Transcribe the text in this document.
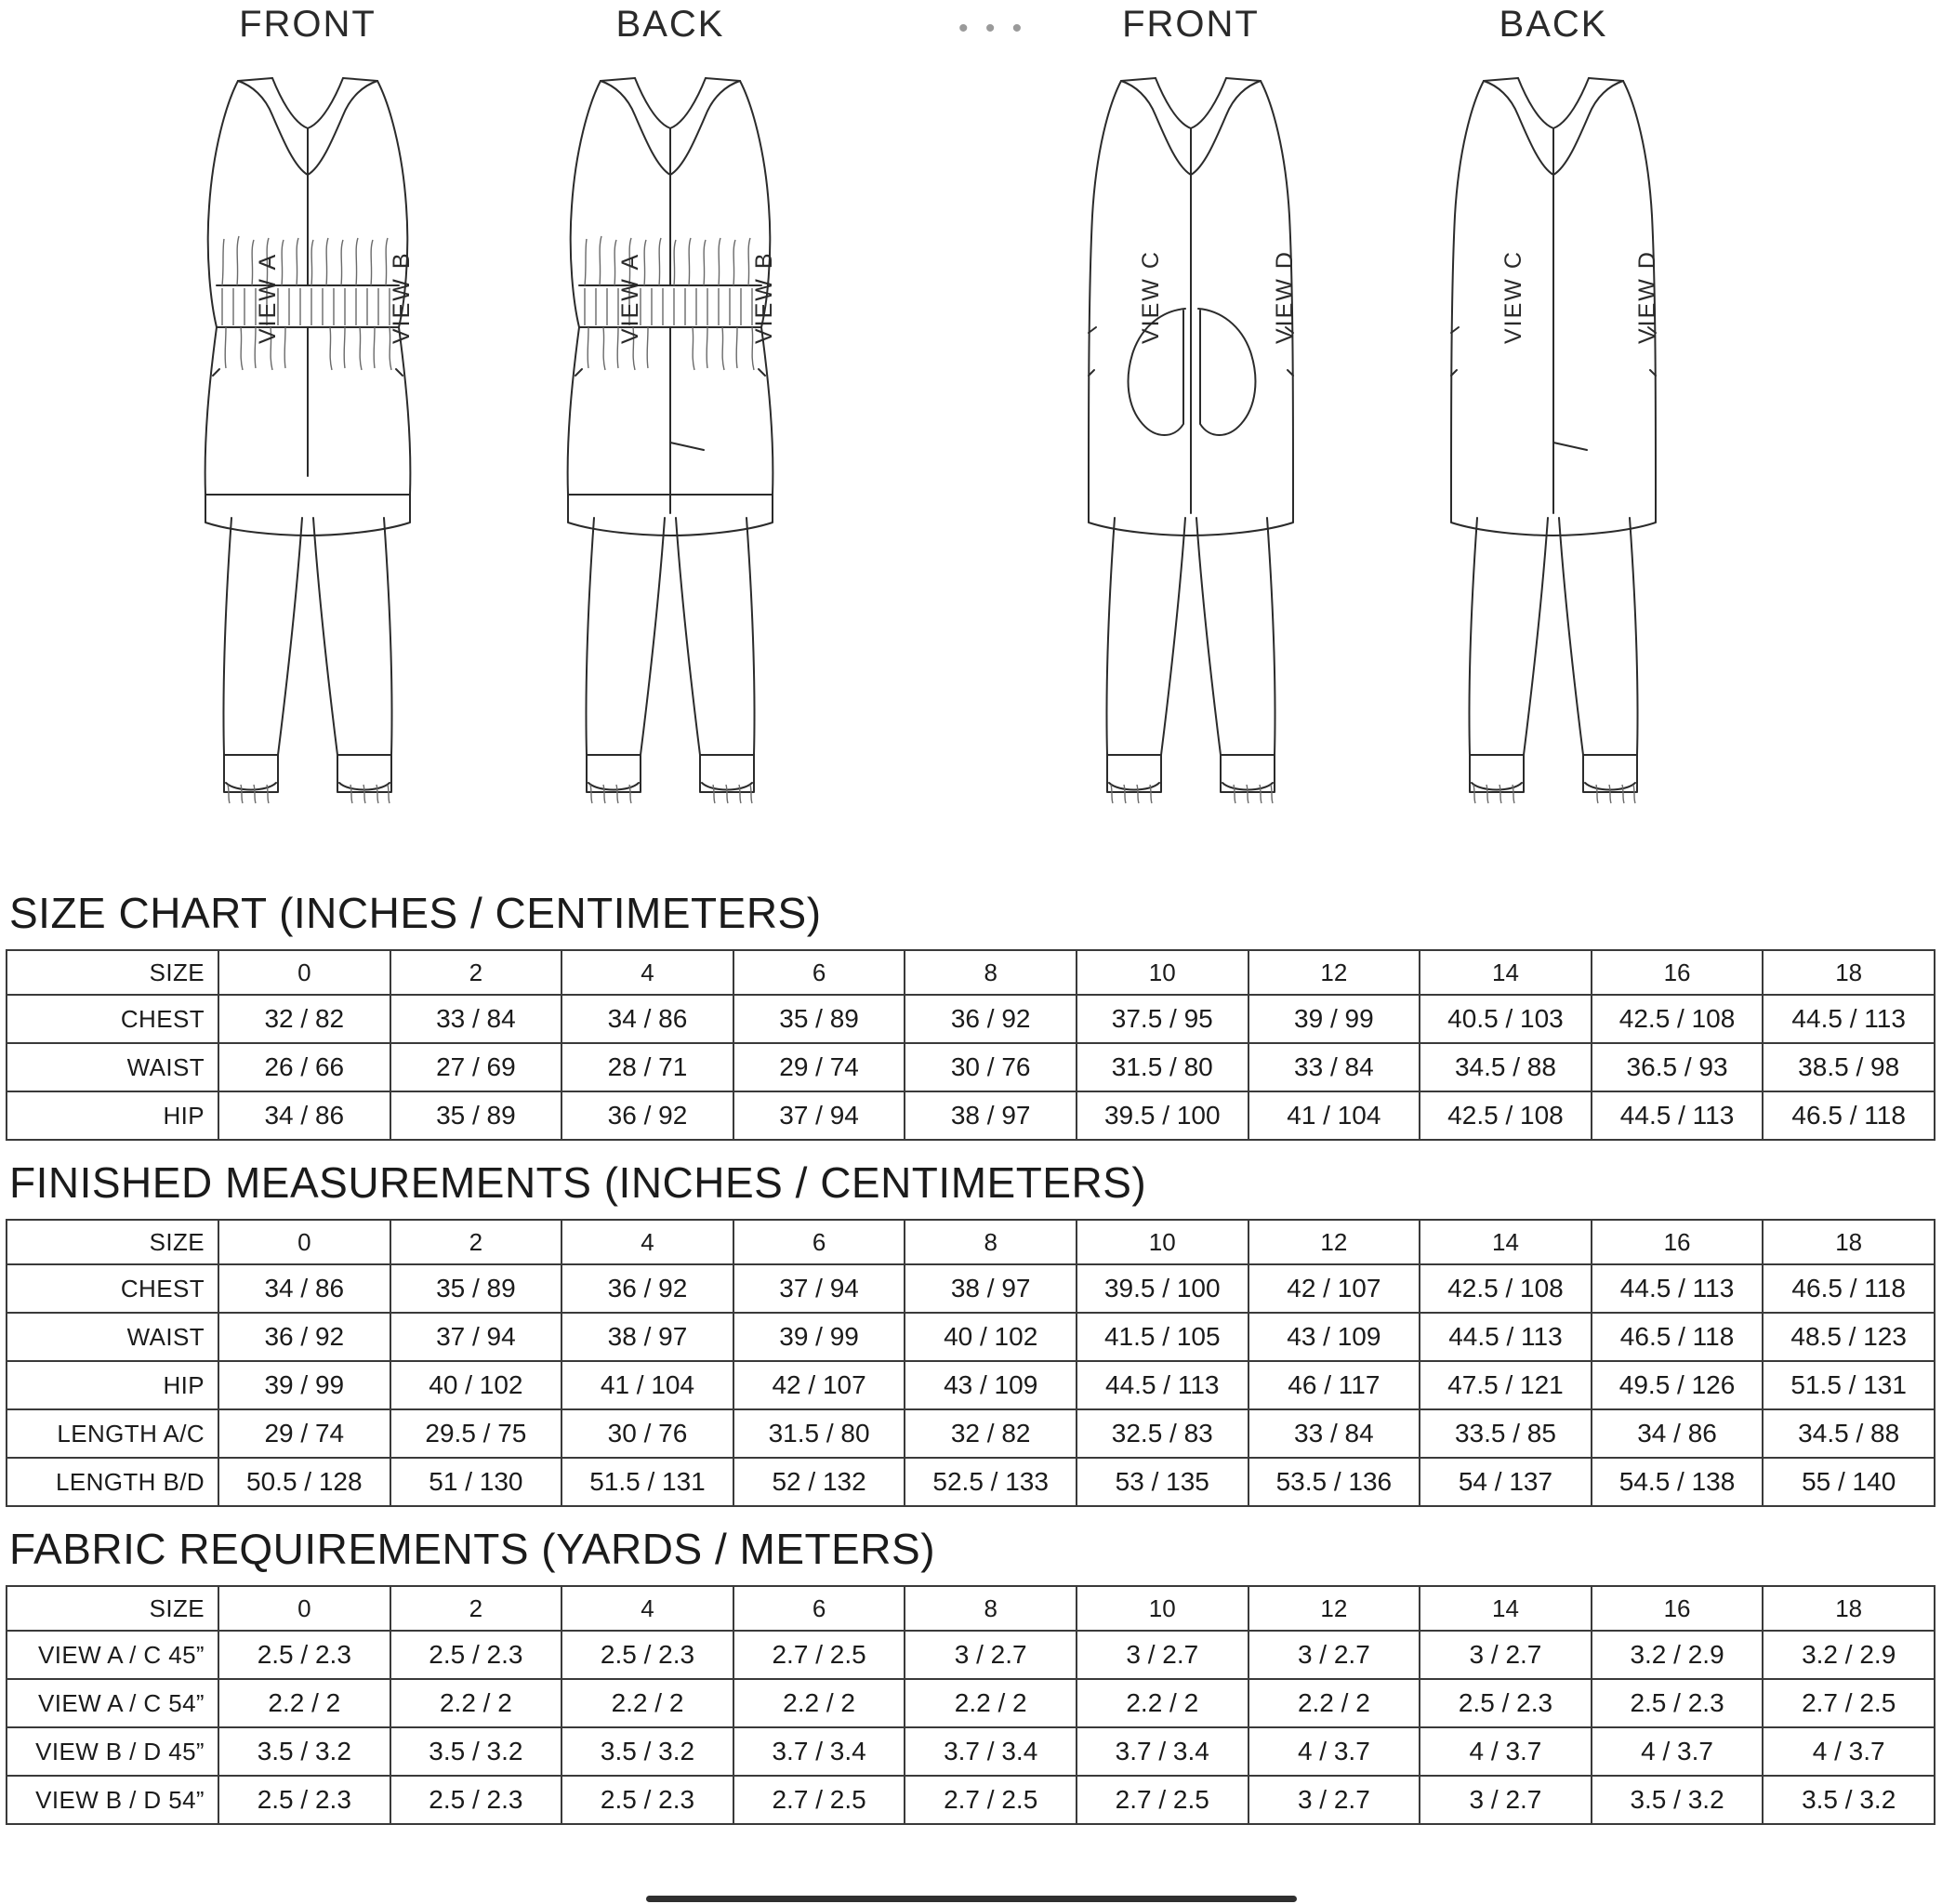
• • •
FRONT
VIEW A	VIEW B
BACK
VIEW A	VIEW B
FRONT
VIEW C	VIEW D
BACK
VIEW C	VIEW D
SIZE CHART (INCHES / CENTIMETERS)
SIZE	0	2	4	6	8	10	12	14	16	18
CHEST	32 / 82	33 / 84	34 / 86	35 / 89	36 / 92	37.5 / 95	39 / 99	40.5 / 103	42.5 / 108	44.5 / 113
WAIST	26 / 66	27 / 69	28 / 71	29 / 74	30 / 76	31.5 / 80	33 / 84	34.5 / 88	36.5 / 93	38.5 / 98
HIP	34 / 86	35 / 89	36 / 92	37 / 94	38 / 97	39.5 / 100	41 / 104	42.5 / 108	44.5 / 113	46.5 / 118
FINISHED MEASUREMENTS (INCHES / CENTIMETERS)
SIZE	0	2	4	6	8	10	12	14	16	18
CHEST	34 / 86	35 / 89	36 / 92	37 / 94	38 / 97	39.5 / 100	42 / 107	42.5 / 108	44.5 / 113	46.5 / 118
WAIST	36 / 92	37 / 94	38 / 97	39 / 99	40 / 102	41.5 / 105	43 / 109	44.5 / 113	46.5 / 118	48.5 / 123
HIP	39 / 99	40 / 102	41 / 104	42 / 107	43 / 109	44.5 / 113	46 / 117	47.5 / 121	49.5 / 126	51.5 / 131
LENGTH A/C	29 / 74	29.5 / 75	30 / 76	31.5 / 80	32 / 82	32.5 / 83	33 / 84	33.5 / 85	34 / 86	34.5 / 88
LENGTH B/D	50.5 / 128	51 / 130	51.5 / 131	52 / 132	52.5 / 133	53 / 135	53.5 / 136	54 / 137	54.5 / 138	55 / 140
FABRIC REQUIREMENTS (YARDS / METERS)
SIZE	0	2	4	6	8	10	12	14	16	18
VIEW A / C 45”	2.5 / 2.3	2.5 / 2.3	2.5 / 2.3	2.7 / 2.5	3 / 2.7	3 / 2.7	3 / 2.7	3 / 2.7	3.2 / 2.9	3.2 / 2.9
VIEW A / C 54”	2.2 / 2	2.2 / 2	2.2 / 2	2.2 / 2	2.2 / 2	2.2 / 2	2.2 / 2	2.5 / 2.3	2.5 / 2.3	2.7 / 2.5
VIEW B / D 45”	3.5 / 3.2	3.5 / 3.2	3.5 / 3.2	3.7 / 3.4	3.7 / 3.4	3.7 / 3.4	4 / 3.7	4 / 3.7	4 / 3.7	4 / 3.7
VIEW B / D 54”	2.5 / 2.3	2.5 / 2.3	2.5 / 2.3	2.7 / 2.5	2.7 / 2.5	2.7 / 2.5	3 / 2.7	3 / 2.7	3.5 / 3.2	3.5 / 3.2
